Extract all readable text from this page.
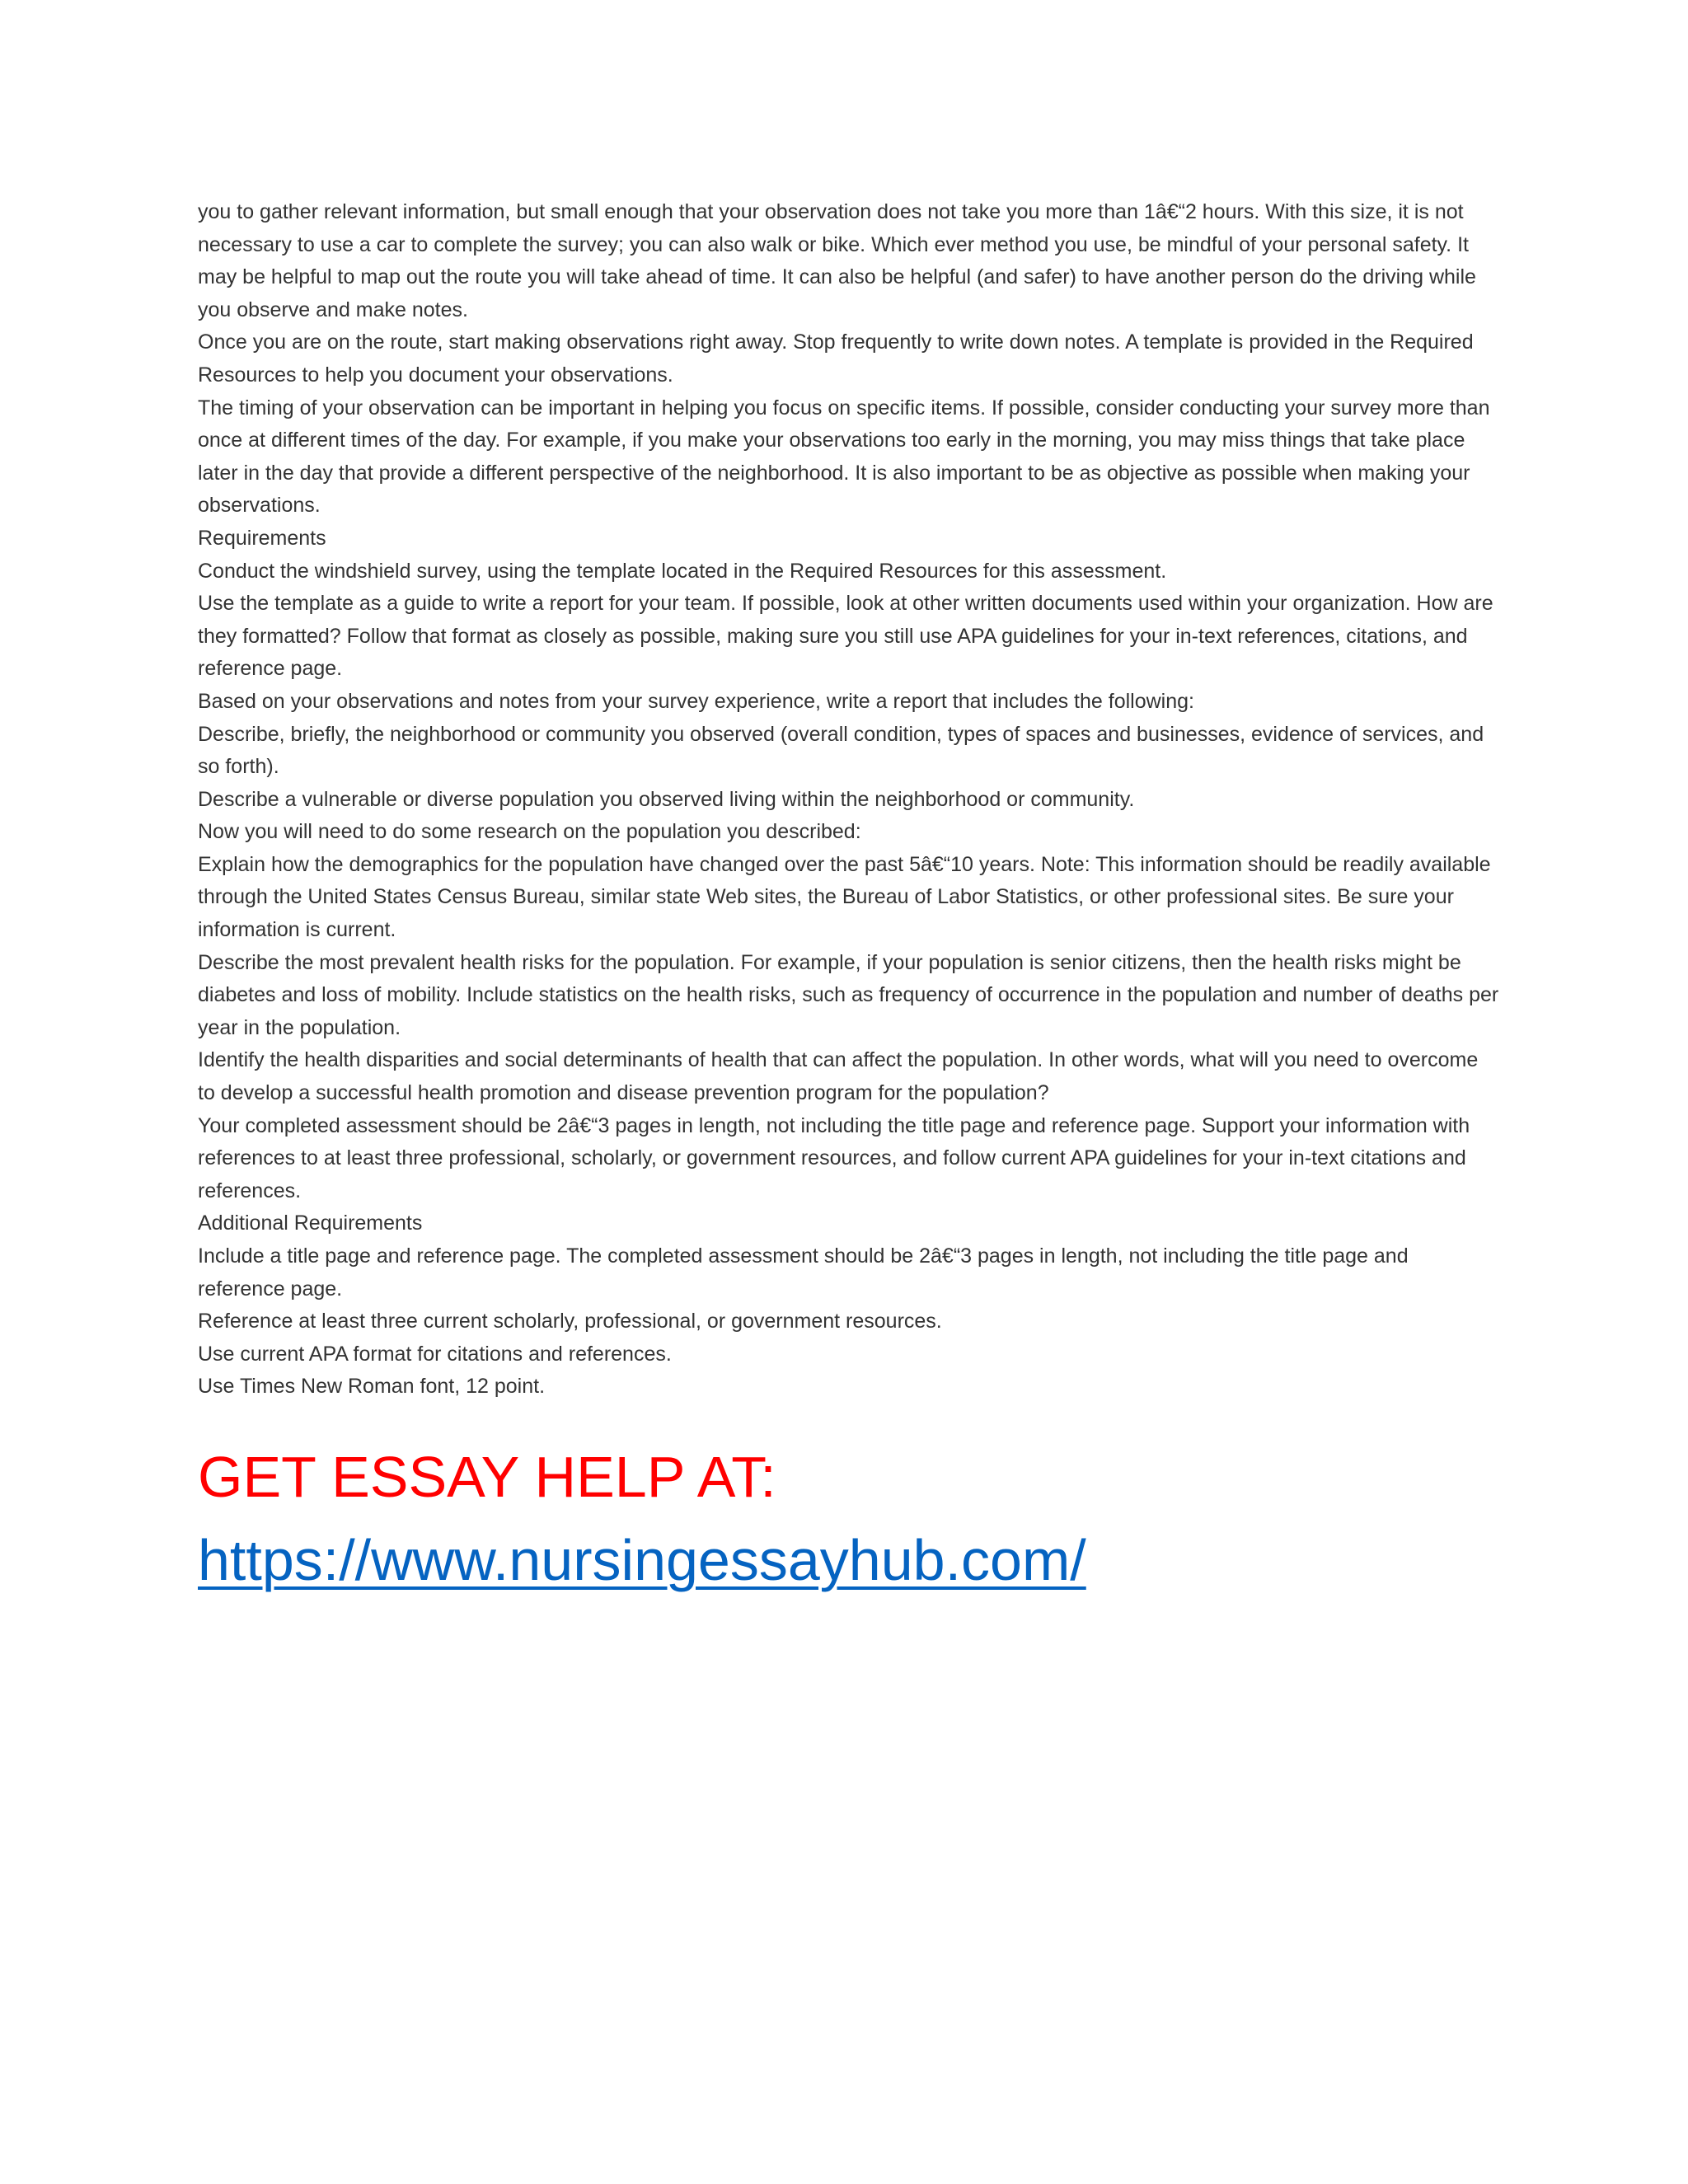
you to gather relevant information, but small enough that your observation does not take you more than 1â€“2 hours. With this size, it is not necessary to use a car to complete the survey; you can also walk or bike. Which ever method you use, be mindful of your personal safety. It may be helpful to map out the route you will take ahead of time. It can also be helpful (and safer) to have another person do the driving while you observe and make notes.

Once you are on the route, start making observations right away. Stop frequently to write down notes. A template is provided in the Required Resources to help you document your observations.

The timing of your observation can be important in helping you focus on specific items. If possible, consider conducting your survey more than once at different times of the day. For example, if you make your observations too early in the morning, you may miss things that take place later in the day that provide a different perspective of the neighborhood. It is also important to be as objective as possible when making your observations.

Requirements

Conduct the windshield survey, using the template located in the Required Resources for this assessment.

Use the template as a guide to write a report for your team. If possible, look at other written documents used within your organization. How are they formatted? Follow that format as closely as possible, making sure you still use APA guidelines for your in-text references, citations, and reference page.

Based on your observations and notes from your survey experience, write a report that includes the following:

Describe, briefly, the neighborhood or community you observed (overall condition, types of spaces and businesses, evidence of services, and so forth).

Describe a vulnerable or diverse population you observed living within the neighborhood or community.

Now you will need to do some research on the population you described:

Explain how the demographics for the population have changed over the past 5â€“10 years. Note: This information should be readily available through the United States Census Bureau, similar state Web sites, the Bureau of Labor Statistics, or other professional sites. Be sure your information is current.

Describe the most prevalent health risks for the population. For example, if your population is senior citizens, then the health risks might be diabetes and loss of mobility. Include statistics on the health risks, such as frequency of occurrence in the population and number of deaths per year in the population.

Identify the health disparities and social determinants of health that can affect the population. In other words, what will you need to overcome to develop a successful health promotion and disease prevention program for the population?

Your completed assessment should be 2â€“3 pages in length, not including the title page and reference page. Support your information with references to at least three professional, scholarly, or government resources, and follow current APA guidelines for your in-text citations and references.

Additional Requirements

Include a title page and reference page. The completed assessment should be 2â€“3 pages in length, not including the title page and reference page.

Reference at least three current scholarly, professional, or government resources.

Use current APA format for citations and references.

Use Times New Roman font, 12 point.

GET ESSAY HELP AT:

https://www.nursingessayhub.com/
